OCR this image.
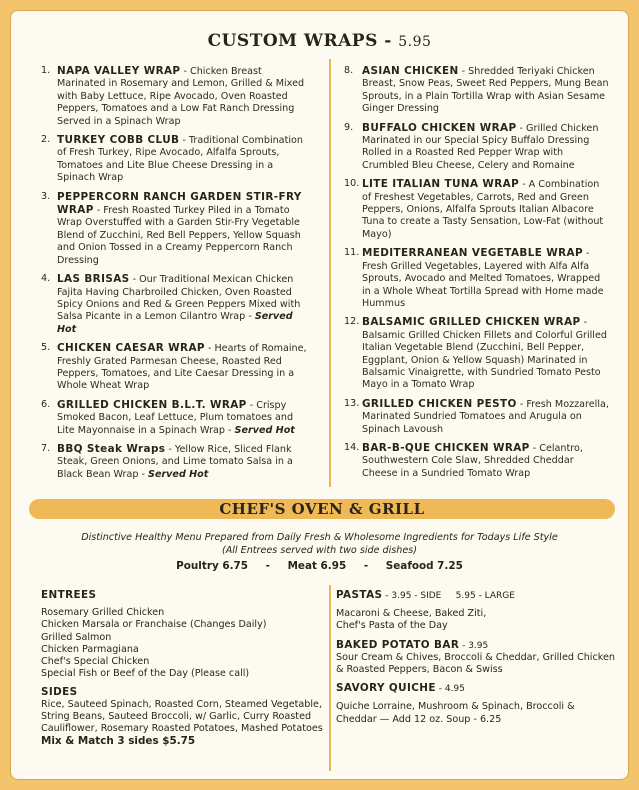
CUSTOM WRAPS - 5.95
1. NAPA VALLEY WRAP - Chicken Breast Marinated in Rosemary and Lemon, Grilled & Mixed with Baby Lettuce, Ripe Avocado, Oven Roasted Peppers, Tomatoes and a Low Fat Ranch Dressing Served in a Spinach Wrap
2. TURKEY COBB CLUB - Traditional Combination of Fresh Turkey, Ripe Avocado, Alfalfa Sprouts, Tomatoes and Lite Blue Cheese Dressing in a Spinach Wrap
3. PEPPERCORN RANCH GARDEN STIR-FRY WRAP - Fresh Roasted Turkey Piled in a Tomato Wrap Overstuffed with a Garden Stir-Fry Vegetable Blend of Zucchini, Red Bell Peppers, Yellow Squash and Onion Tossed in a Creamy Peppercorn Ranch Dressing
4. LAS BRISAS - Our Traditional Mexican Chicken Fajita Having Charbroiled Chicken, Oven Roasted Spicy Onions and Red & Green Peppers Mixed with Salsa Picante in a Lemon Cilantro Wrap - Served Hot
5. CHICKEN CAESAR WRAP - Hearts of Romaine, Freshly Grated Parmesan Cheese, Roasted Red Peppers, Tomatoes, and Lite Caesar Dressing in a Whole Wheat Wrap
6. GRILLED CHICKEN B.L.T. WRAP - Crispy Smoked Bacon, Leaf Lettuce, Plum tomatoes and Lite Mayonnaise in a Spinach Wrap - Served Hot
7. BBQ Steak Wraps - Yellow Rice, Sliced Flank Steak, Green Onions, and Lime tomato Salsa in a Black Bean Wrap - Served Hot
8. ASIAN CHICKEN - Shredded Teriyaki Chicken Breast, Snow Peas, Sweet Red Peppers, Mung Bean Sprouts, in a Plain Tortilla Wrap with Asian Sesame Ginger Dressing
9. BUFFALO CHICKEN WRAP - Grilled Chicken Marinated in our Special Spicy Buffalo Dressing Rolled in a Roasted Red Pepper Wrap with Crumbled Bleu Cheese, Celery and Romaine
10. LITE ITALIAN TUNA WRAP - A Combination of Freshest Vegetables, Carrots, Red and Green Peppers, Onions, Alfalfa Sprouts Italian Albacore Tuna to create a Tasty Sensation, Low-Fat (without Mayo)
11. MEDITERRANEAN VEGETABLE WRAP - Fresh Grilled Vegetables, Layered with Alfa Alfa Sprouts, Avocado and Melted Tomatoes, Wrapped in a Whole Wheat Tortilla Spread with Home made Hummus
12. BALSAMIC GRILLED CHICKEN WRAP - Balsamic Grilled Chicken Fillets and Colorful Grilled Italian Vegetable Blend (Zucchini, Bell Pepper, Eggplant, Onion & Yellow Squash) Marinated in Balsamic Vinaigrette, with Sundried Tomato Pesto Mayo in a Tomato Wrap
13. GRILLED CHICKEN PESTO - Fresh Mozzarella, Marinated Sundried Tomatoes and Arugula on Spinach Lavoush
14. BAR-B-QUE CHICKEN WRAP - Celantro, Southwestern Cole Slaw, Shredded Cheddar Cheese in a Sundried Tomato Wrap
CHEF'S OVEN & GRILL
Distinctive Healthy Menu Prepared from Daily Fresh & Wholesome Ingredients for Todays Life Style
(All Entrees served with two side dishes)
Poultry 6.75 - Meat 6.95 - Seafood 7.25
ENTREES
Rosemary Grilled Chicken
Chicken Marsala or Franchaise (Changes Daily)
Grilled Salmon
Chicken Parmagiana
Chef's Special Chicken
Special Fish or Beef of the Day (Please call)
SIDES
Rice, Sauteed Spinach, Roasted Corn, Steamed Vegetable, String Beans, Sauteed Broccoli, w/ Garlic, Curry Roasted Cauliflower, Rosemary Roasted Potatoes, Mashed Potatoes
Mix & Match 3 sides $5.75
PASTAS - 3.95 - SIDE     5.95 - LARGE
Macaroni & Cheese, Baked Ziti,
Chef's Pasta of the Day
BAKED POTATO BAR - 3.95
Sour Cream & Chives, Broccoli & Cheddar, Grilled Chicken & Roasted Peppers, Bacon & Swiss
SAVORY QUICHE - 4.95
Quiche Lorraine, Mushroom & Spinach, Broccoli & Cheddar — Add 12 oz. Soup - 6.25
